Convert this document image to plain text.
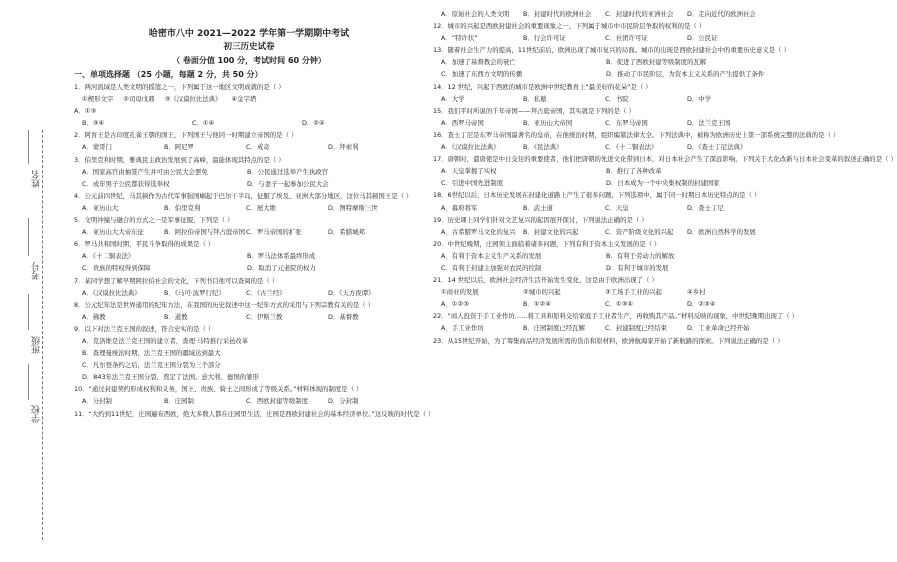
姓名
考号
班级
学校
哈密市八中 2021—2022 学年第一学期期中考试
初三历史试卷
（ 卷面分值 100 分，考试时间 60 分钟）
一、单项选择题 （25 小题，每题 2 分，共 50 分）
1．两河流域是人类文明的摇篮之一，下列属于这一地区文明成就的是（ ）
①楔形文字 ②司母戊鼎 ③《汉谟拉比法典》 ④金字塔
A．①③
B．③④	C．①④	D．②④
2．阿育王是古印度孔雀王朝的国王，下列国王与他同一时期建立帝国的是（ ）
A．蒙哥门	B．阿尼罗	C．戒奇	D．拜索利
3．伯里克利时期，雅典民主政治发展到了高峰，最能体现其特点的是（ ）
A．国家高官由抽签产生并可由公民大会罢免	B．公民通过选举产生执政官
C．成年男子公民都获得选举权	D．与妻子一起参加公民大会
4．公元前四世纪，马其顿作为古代军事强国崛起于巴尔干半岛，征服了埃及、亚洲大部分地区，这位马其顿国王是（ ）
A．亚历山大	B．伯里克利	C．屋大维	D．图特摩斯三世
5．文明冲撞与融合的方式之一是军事征服，下列是（ ）
A．亚历山大大帝东征	B．阿拉伯帝国与拜占庭帝国C．罗马帝国的扩张	D．希腊城邦
6．罗马共和国时期，平民斗争取得的成果是（ ）
A．《十二铜表法》	B．罗马法体系最终形成
C．贵族的特权得到保障	D．取消了元老院的权力
7．某同学想了解早期阿拉伯社会的文化，下列书目他可以查阅的是（ ）
A．《汉谟拉比法典》	B．《马可·波罗行纪》	C．《古兰经》	D．《天方夜谭》
8．公元纪年法是世界通用的纪年方法，在我国的历史叙述中这一纪年方式的采用与下列宗教有关的是（ ）
A．佛教	B．道教	C．伊斯兰教	D．基督教
9．以下对法兰克王国的叙述，符合史实的是（ ）
A．克洛维是法兰克王国的建立者，查理·马特推行采邑改革
B．查理曼统治时期，法兰克王国的疆域达到最大
C．凡尔登条约之后，法兰克王国分裂为三个部分
D．843年法兰克王国分裂，奠定了法国、意大利、德国的雏形
10．“通过封建契约形成权利和义务，国王、贵族、骑士之间形成了等级关系。”材料体现的制度是（ ）
A．分封制	B．庄园制	C．西欧封建等级制度	D．分封制
11．“大约到11世纪，庄园遍布西欧，绝大多数人都在庄园里生活，庄园是西欧封建社会的基本经济单位。”这反映的时代是（ ）
A．原始社会的人类文明 B．封建时代的欧洲社会 C．封建时代的亚洲社会 D．走向近代的欧洲社会
12．城市的兴起是西欧封建社会的重要现象之一，下列属于城市中市民阶层争取的权利的是（ ）
A．“特许状”	B．行会许可证	C．社团许可证	D．公民证
13．随着社会生产力的提高，11世纪前后，欧洲出现了城市复兴的局面。城市的出现是西欧封建社会中的重要历史意义是（ ）
A．加速了基督教会的衰亡	B．促进了西欧封建等级制度的瓦解
C．加速了东西方文明的传播	D．推动了市民阶层，为资本主义关系的产生提供了条件
14．12 世纪，兴起于西欧的城市是欧洲中世纪教育上“最美好的花朵”是（ ）
A．大学	B．私塾	C．书院	D．中学
15．我们平时所说的千年帝国——拜占庭帝国，其实就是下列的是（ ）
A．西罗马帝国	B．亚历山大帝国	C．东罗马帝国	D．法兰克王国
16．查士丁尼是东罗马帝国最著名的皇帝，在他统治时期，组织编纂法律大全。下列法典中，被称为欧洲历史上第一部系统完整的法典的是（ ）
A．《汉谟拉比法典》	B．《民法典》	C．《十二铜表法》	D．《查士丁尼法典》
17．唐朝时，遣唐使是中日交往的重要使者，他们把唐朝的先进文化带到日本，对日本社会产生了深远影响，下列关于大化改新与日本社会变革的叙述正确的是（ ）
A．天皇掌握了实权	B．推行了各种改革
C．引进中国先进制度	D．日本成为一个中央集权制的封建国家
18．6世纪以后，日本历史发展在封建化道路上产生了很多问题，下列选项中，属于同一时期日本历史特点的是（ ）
A．幕府将军	B．武士道	C．天皇	D．查士丁尼
19．历史课上同学们针对文艺复兴的起因展开探讨，下列说法正确的是（ ）
A．古希腊罗马文化的复兴 B．封建文化的兴起	C．资产阶级文化的兴起 D．欧洲自然科学的发展
20．中世纪晚期，庄园领主面临着诸多问题，下列有利于资本主义发展的是（ ）
A．有利于资本主义生产关系的发展	B．有利于劳动力的解放
C．有利于封建主加强对农民的控制	D．有利于城市的发展
21．14 世纪以后，欧洲社会经济生活开始发生变化，这是由于欧洲出现了（ ）
①商业的发展	②城市的兴起	③工场手工业的兴起	④乡村
A．①②③	B．①②④	C．①③④	D．②③④
22．“商人投资于手工业作坊……将工具和原料交给家庭手工业者生产，再收购其产品。”材料反映的现象，中世纪晚期出现了（ ）
A．手工业作坊	B．庄园制度已经瓦解	C．封建制度已经结束	D．工业革命已经开始
23．从15世纪开始，为了筹集商品经济发展所需的货币和原材料，欧洲航海家开始了新航路的探索。下列说法正确的是（ ）
